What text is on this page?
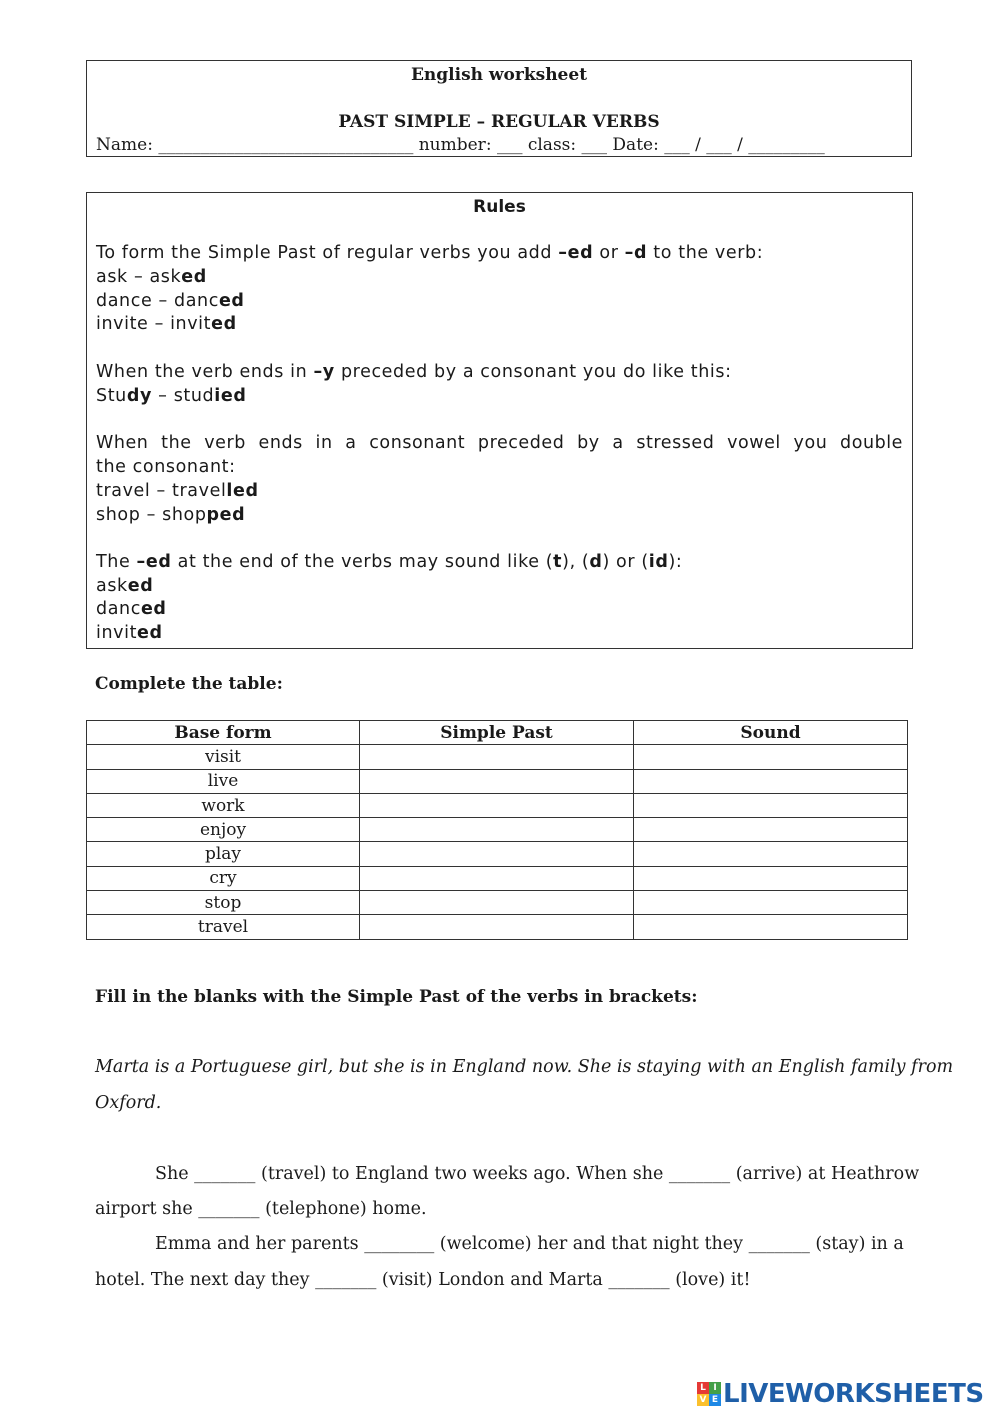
English worksheet
PAST SIMPLE – REGULAR VERBS
Name: ______________________________ number: ___ class: ___ Date: ___ / ___ / _________
Rules
To form the Simple Past of regular verbs you add –ed or –d to the verb:
ask – asked
dance – danced
invite – invited
When the verb ends in –y preceded by a consonant you do like this:
Study – studied
When the verb ends in a consonant preceded by a stressed vowel you double
the consonant:
travel – travelled
shop – shopped
The –ed at the end of the verbs may sound like (t), (d) or (id):
asked
danced
invited
Complete the table:
Base form	Simple Past	Sound
visit		
live		
work		
enjoy		
play		
cry		
stop		
travel		
Fill in the blanks with the Simple Past of the verbs in brackets:
Marta is a Portuguese girl, but she is in England now. She is staying with an English family from
Oxford.
She _______ (travel) to England two weeks ago. When she _______ (arrive) at Heathrow
airport she _______ (telephone) home.
Emma and her parents ________ (welcome) her and that night they _______ (stay) in a
hotel. The next day they _______ (visit) London and Marta _______ (love) it!
L I
V E LIVEWORKSHEETS
